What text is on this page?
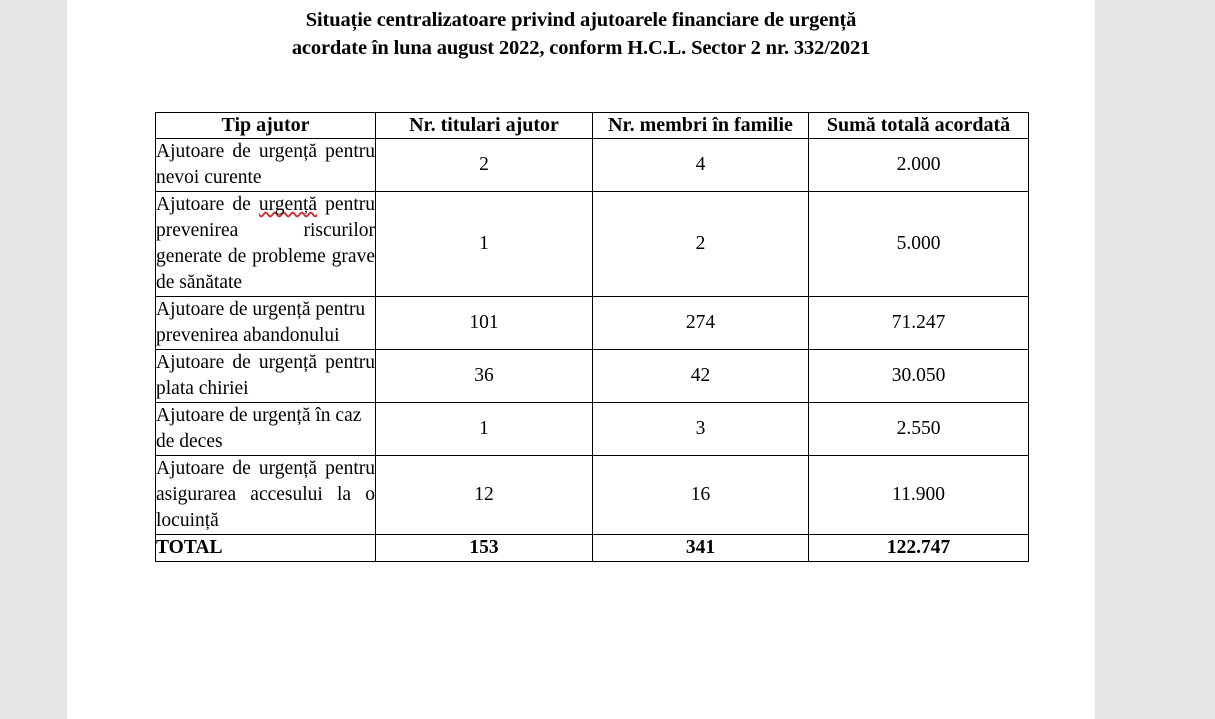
Situație centralizatoare privind ajutoarele financiare de urgență
acordate în luna august 2022, conform H.C.L. Sector 2 nr. 332/2021
Tip ajutor	Nr. titulari ajutor	Nr. membri în familie	Sumă totală acordată
Ajutoare de urgență pentru nevoi curente	2	4	2.000
Ajutoare de urgență pentru prevenirea riscurilor generate de probleme grave de sănătate	1	2	5.000
Ajutoare de urgență pentru prevenirea abandonului	101	274	71.247
Ajutoare de urgență pentru plata chiriei	36	42	30.050
Ajutoare de urgență în caz de deces	1	3	2.550
Ajutoare de urgență pentru asigurarea accesului la o locuință	12	16	11.900
TOTAL	153	341	122.747
